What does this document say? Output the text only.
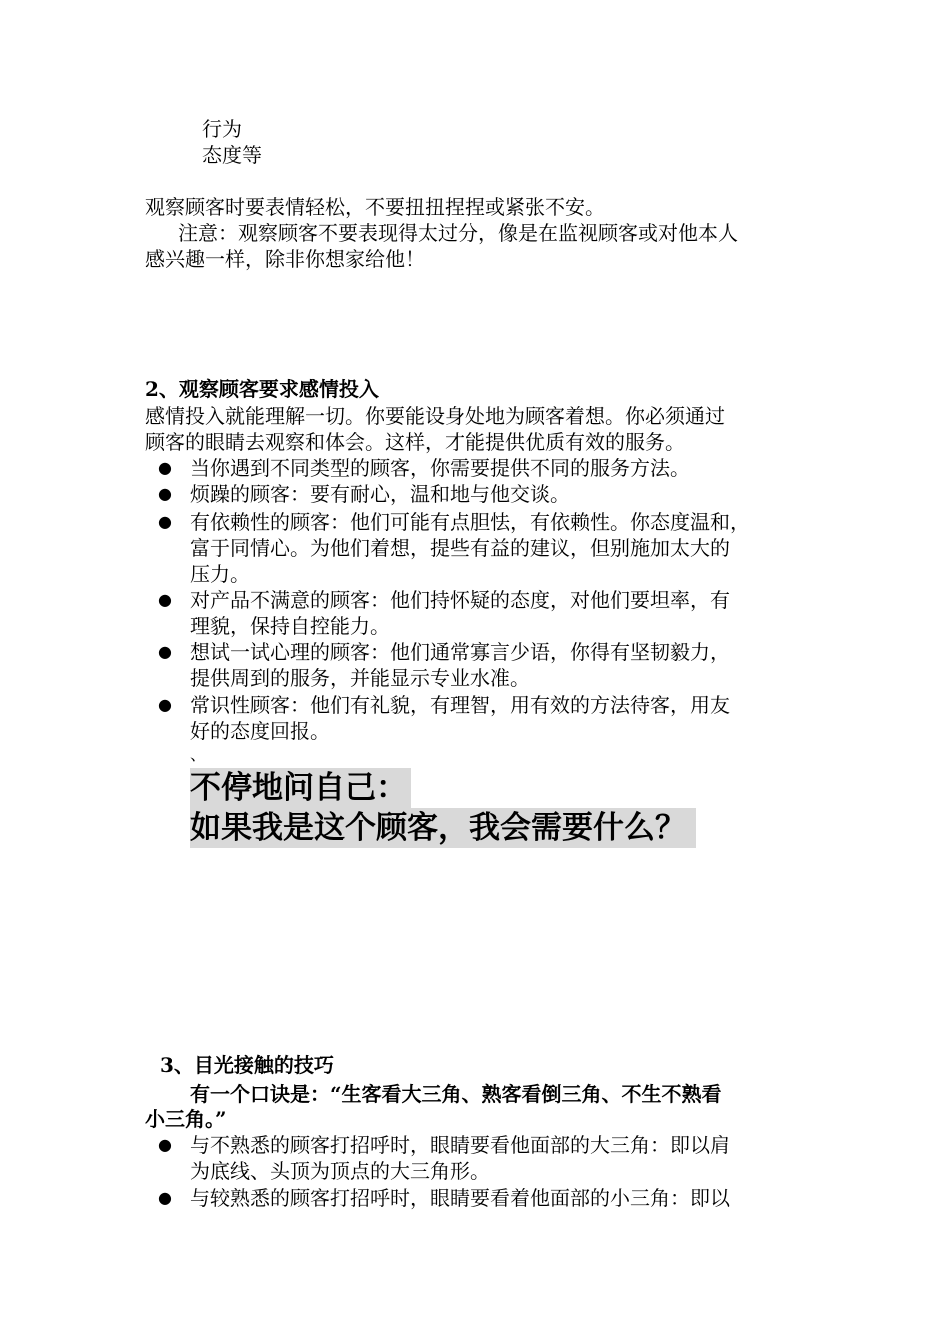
行为
态度等
观察顾客时要表情轻松，不要扭扭捏捏或紧张不安。
注意：观察顾客不要表现得太过分，像是在监视顾客或对他本人
感兴趣一样，除非你想家给他！
2、观察顾客要求感情投入
感情投入就能理解一切。你要能设身处地为顾客着想。你必须通过
顾客的眼睛去观察和体会。这样，才能提供优质有效的服务。
● 当你遇到不同类型的顾客，你需要提供不同的服务方法。
● 烦躁的顾客：要有耐心，温和地与他交谈。
● 有依赖性的顾客：他们可能有点胆怯，有依赖性。你态度温和，
富于同情心。为他们着想，提些有益的建议，但别施加太大的
压力。
● 对产品不满意的顾客：他们持怀疑的态度，对他们要坦率，有
理貌，保持自控能力。
● 想试一试心理的顾客：他们通常寡言少语，你得有坚韧毅力，
提供周到的服务，并能显示专业水准。
● 常识性顾客：他们有礼貌，有理智，用有效的方法待客，用友
好的态度回报。
、
不停地问自己：
如果我是这个顾客，我会需要什么？
3、目光接触的技巧
有一个口诀是：“生客看大三角、熟客看倒三角、不生不熟看
小三角。”
● 与不熟悉的顾客打招呼时，眼睛要看他面部的大三角：即以肩
为底线、头顶为顶点的大三角形。
● 与较熟悉的顾客打招呼时，眼睛要看着他面部的小三角：即以
